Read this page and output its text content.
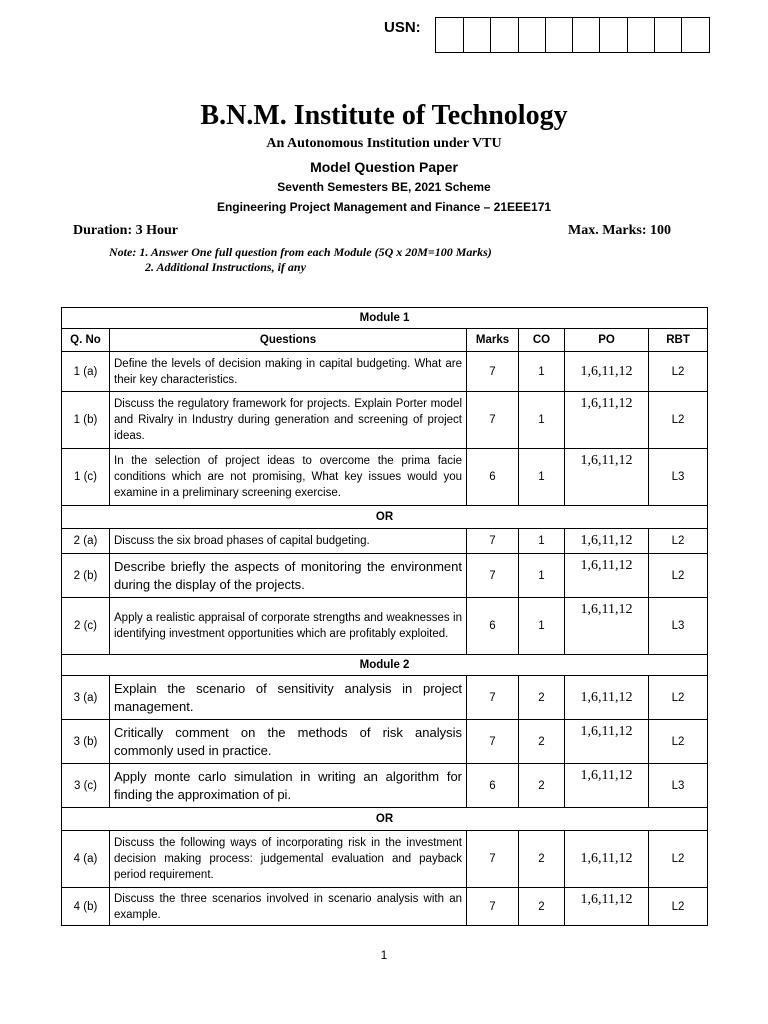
USN:
B.N.M. Institute of Technology
An Autonomous Institution under VTU
Model Question Paper
Seventh Semesters BE, 2021 Scheme
Engineering Project Management and Finance – 21EEE171
Duration: 3 Hour	Max. Marks: 100
Note: 1. Answer One full question from each Module (5Q x 20M=100 Marks)
2. Additional Instructions, if any
Module 1					
Q. No	Questions	Marks	CO	PO	RBT
1 (a)	Define the levels of decision making in capital budgeting. What are their key characteristics.	7	1	1,6,11,12	L2
1 (b)	Discuss the regulatory framework for projects. Explain Porter model and Rivalry in Industry during generation and screening of project ideas.	7	1	1,6,11,12	L2
1 (c)	In the selection of project ideas to overcome the prima facie conditions which are not promising, What key issues would you examine in a preliminary screening exercise.	6	1	1,6,11,12	L3
OR					
2 (a)	Discuss the six broad phases of capital budgeting.	7	1	1,6,11,12	L2
2 (b)	Describe briefly the aspects of monitoring the environment during the display of the projects.	7	1	1,6,11,12	L2
2 (c)	Apply a realistic appraisal of corporate strengths and weaknesses in identifying investment opportunities which are profitably exploited.	6	1	1,6,11,12	L3
Module 2					
3 (a)	Explain the scenario of sensitivity analysis in project management.	7	2	1,6,11,12	L2
3 (b)	Critically comment on the methods of risk analysis commonly used in practice.	7	2	1,6,11,12	L2
3 (c)	Apply monte carlo simulation in writing an algorithm for finding the approximation of pi.	6	2	1,6,11,12	L3
OR					
4 (a)	Discuss the following ways of incorporating risk in the investment decision making process: judgemental evaluation and payback period requirement.	7	2	1,6,11,12	L2
4 (b)	Discuss the three scenarios involved in scenario analysis with an example.	7	2	1,6,11,12	L2
1
